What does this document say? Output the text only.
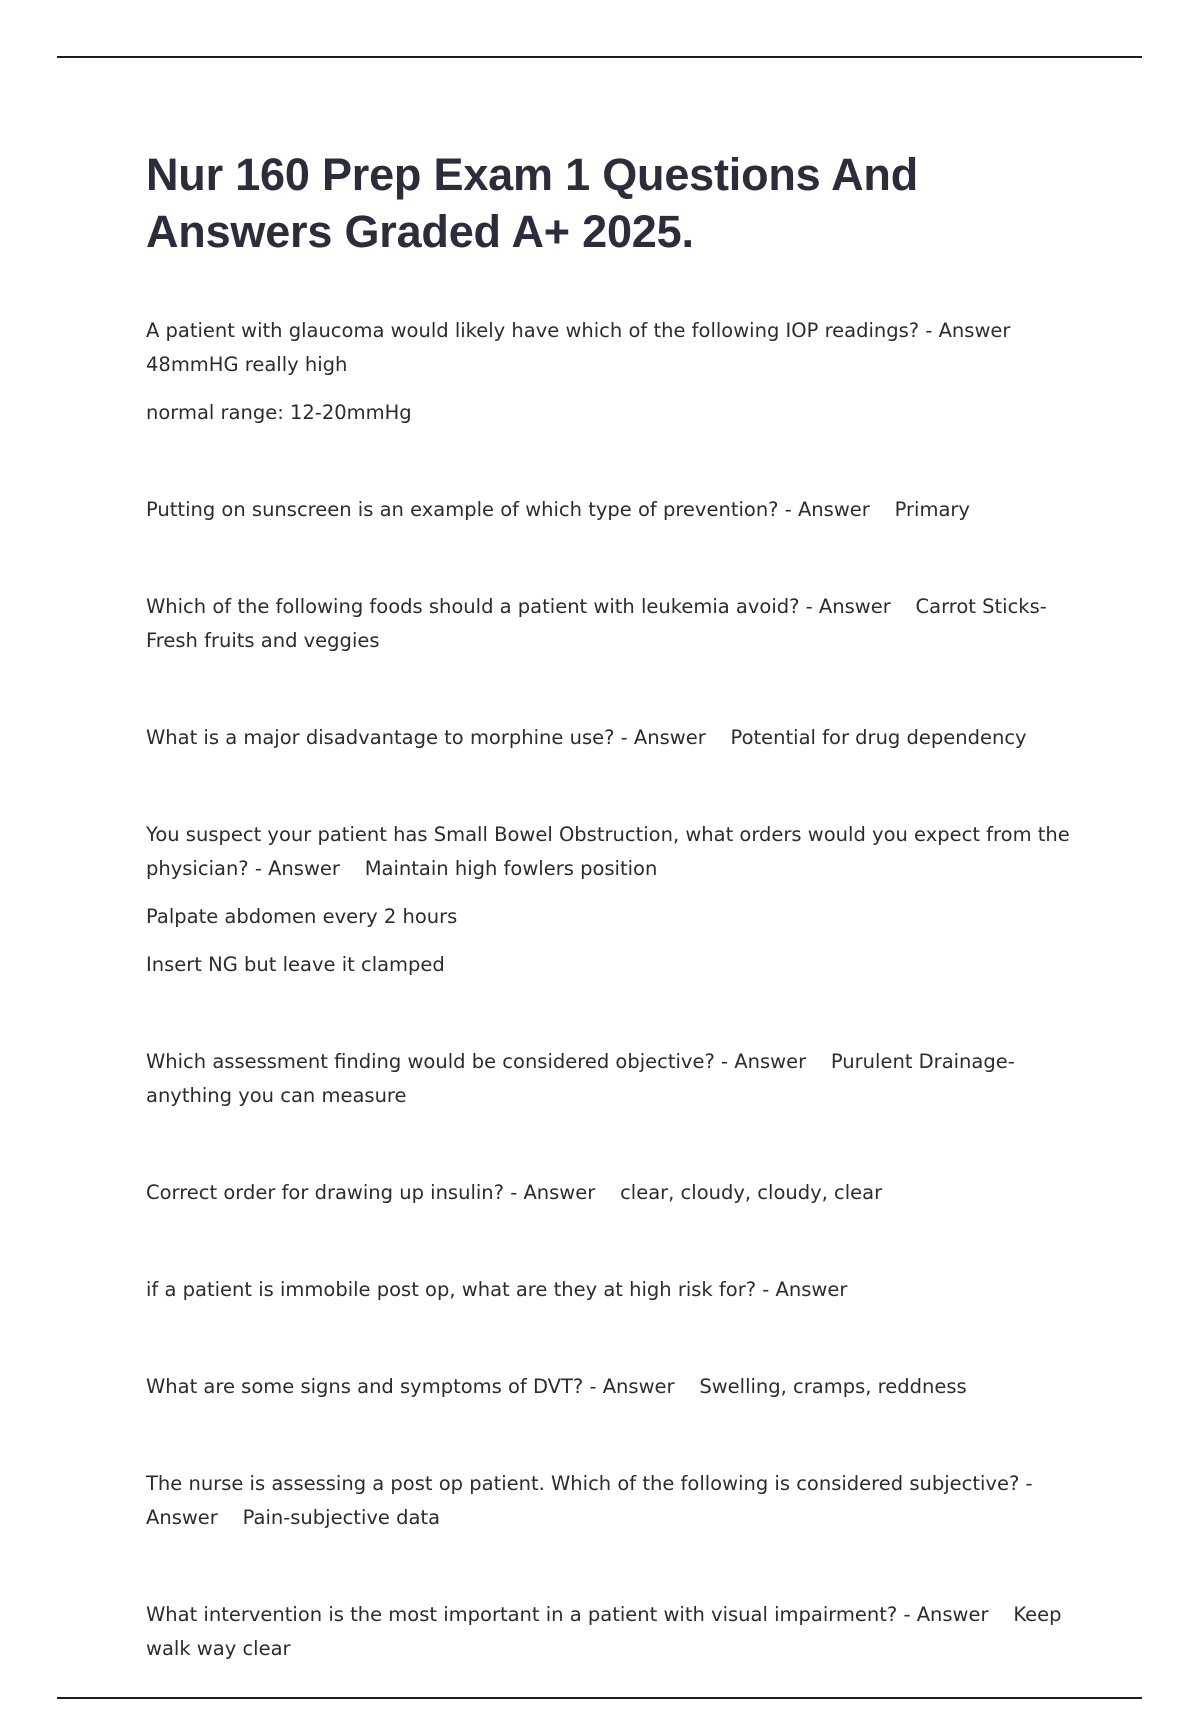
Nur 160 Prep Exam 1 Questions And Answers Graded A+ 2025.

A patient with glaucoma would likely have which of the following IOP readings? - Answer
48mmHG really high

normal range: 12-20mmHg

Putting on sunscreen is an example of which type of prevention? - Answer Primary

Which of the following foods should a patient with leukemia avoid? - Answer Carrot Sticks- Fresh fruits and veggies

What is a major disadvantage to morphine use? - Answer Potential for drug dependency

You suspect your patient has Small Bowel Obstruction, what orders would you expect from the physician? - Answer Maintain high fowlers position

Palpate abdomen every 2 hours

Insert NG but leave it clamped

Which assessment finding would be considered objective? - Answer Purulent Drainage- anything you can measure

Correct order for drawing up insulin? - Answer clear, cloudy, cloudy, clear

if a patient is immobile post op, what are they at high risk for? - Answer

What are some signs and symptoms of DVT? - Answer Swelling, cramps, reddness

The nurse is assessing a post op patient. Which of the following is considered subjective? - Answer Pain-subjective data

What intervention is the most important in a patient with visual impairment? - Answer Keep walk way clear
